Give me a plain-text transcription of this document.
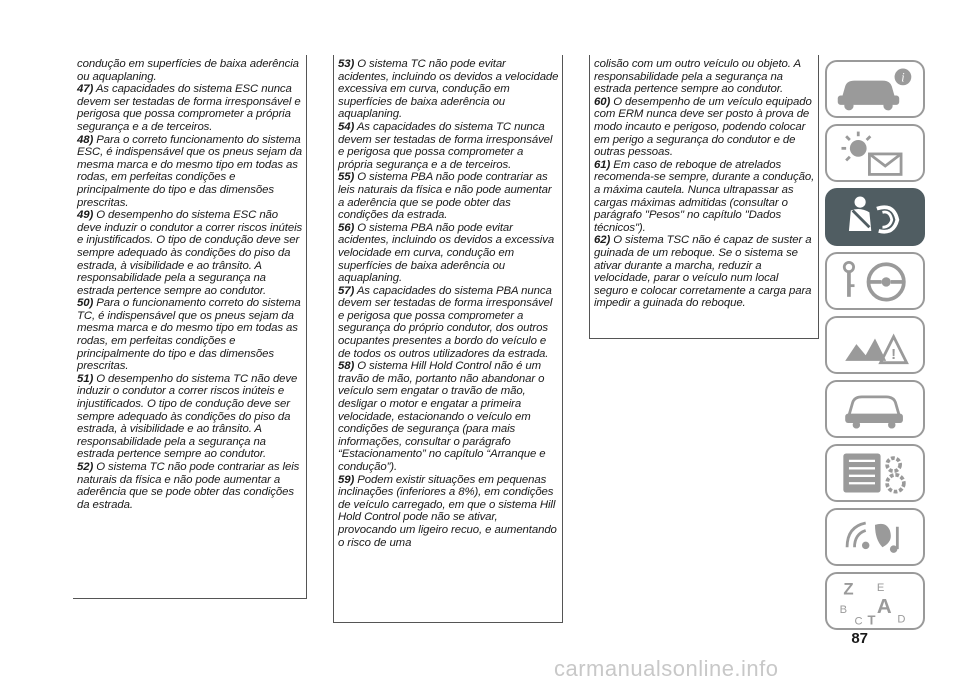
condução em superfícies de baixa aderência ou aquaplaning.

47) As capacidades do sistema ESC nunca devem ser testadas de forma irresponsável e perigosa que possa comprometer a própria segurança e a de terceiros.

48) Para o correto funcionamento do sistema ESC, é indispensável que os pneus sejam da mesma marca e do mesmo tipo em todas as rodas, em perfeitas condições e principalmente do tipo e das dimensões prescritas.

49) O desempenho do sistema ESC não deve induzir o condutor a correr riscos inúteis e injustificados. O tipo de condução deve ser sempre adequado às condições do piso da estrada, à visibilidade e ao trânsito. A responsabilidade pela a segurança na estrada pertence sempre ao condutor.

50) Para o funcionamento correto do sistema TC, é indispensável que os pneus sejam da mesma marca e do mesmo tipo em todas as rodas, em perfeitas condições e principalmente do tipo e das dimensões prescritas.

51) O desempenho do sistema TC não deve induzir o condutor a correr riscos inúteis e injustificados. O tipo de condução deve ser sempre adequado às condições do piso da estrada, à visibilidade e ao trânsito. A responsabilidade pela a segurança na estrada pertence sempre ao condutor.

52) O sistema TC não pode contrariar as leis naturais da física e não pode aumentar a aderência que se pode obter das condições da estrada.

53) O sistema TC não pode evitar acidentes, incluindo os devidos a velocidade excessiva em curva, condução em superfícies de baixa aderência ou aquaplaning.

54) As capacidades do sistema TC nunca devem ser testadas de forma irresponsável e perigosa que possa comprometer a própria segurança e a de terceiros.

55) O sistema PBA não pode contrariar as leis naturais da física e não pode aumentar a aderência que se pode obter das condições da estrada.

56) O sistema PBA não pode evitar acidentes, incluindo os devidos a excessiva velocidade em curva, condução em superfícies de baixa aderência ou aquaplaning.

57) As capacidades do sistema PBA nunca devem ser testadas de forma irresponsável e perigosa que possa comprometer a segurança do próprio condutor, dos outros ocupantes presentes a bordo do veículo e de todos os outros utilizadores da estrada.

58) O sistema Hill Hold Control não é um travão de mão, portanto não abandonar o veículo sem engatar o travão de mão, desligar o motor e engatar a primeira velocidade, estacionando o veículo em condições de segurança (para mais informações, consultar o parágrafo “Estacionamento” no capítulo “Arranque e condução”).

59) Podem existir situações em pequenas inclinações (inferiores a 8%), em condições de veículo carregado, em que o sistema Hill Hold Control pode não se ativar, provocando um ligeiro recuo, e aumentando o risco de uma

colisão com um outro veículo ou objeto. A responsabilidade pela a segurança na estrada pertence sempre ao condutor.

60) O desempenho de um veículo equipado com ERM nunca deve ser posto à prova de modo incauto e perigoso, podendo colocar em perigo a segurança do condutor e de outras pessoas.

61) Em caso de reboque de atrelados recomenda-se sempre, durante a condução, a máxima cautela. Nunca ultrapassar as cargas máximas admitidas (consultar o parágrafo "Pesos" no capítulo "Dados técnicos").

62) O sistema TSC não é capaz de suster a guinada de um reboque. Se o sistema se ativar durante a marcha, reduzir a velocidade, parar o veículo num local seguro e colocar corretamente a carga para impedir a guinada do reboque.

i
!
Z E
B A
C T D
87
carmanualsonline.info
